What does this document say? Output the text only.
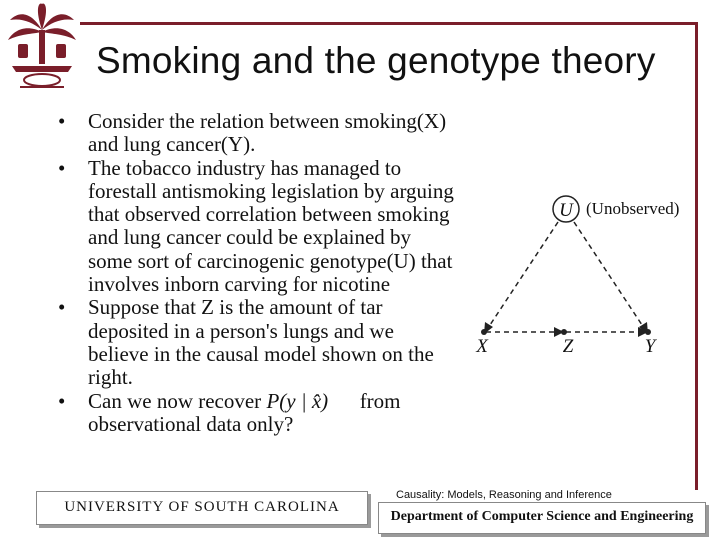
Smoking and the genotype theory
• Consider the relation between smoking(X) and lung cancer(Y).
• The tobacco industry has managed to forestall antismoking legislation by arguing that observed correlation between smoking and lung cancer could be explained by some sort of carcinogenic genotype(U) that involves inborn carving for nicotine
• Suppose that Z is the amount of tar deposited in a person's lungs and we believe in the causal model shown on the right.
• Can we now recover P(y | x̂) from observational data only?
U (Unobserved)
X	Z	Y
UNIVERSITY OF SOUTH CAROLINA
Causality: Models, Reasoning and Inference
Department of Computer Science and Engineering
